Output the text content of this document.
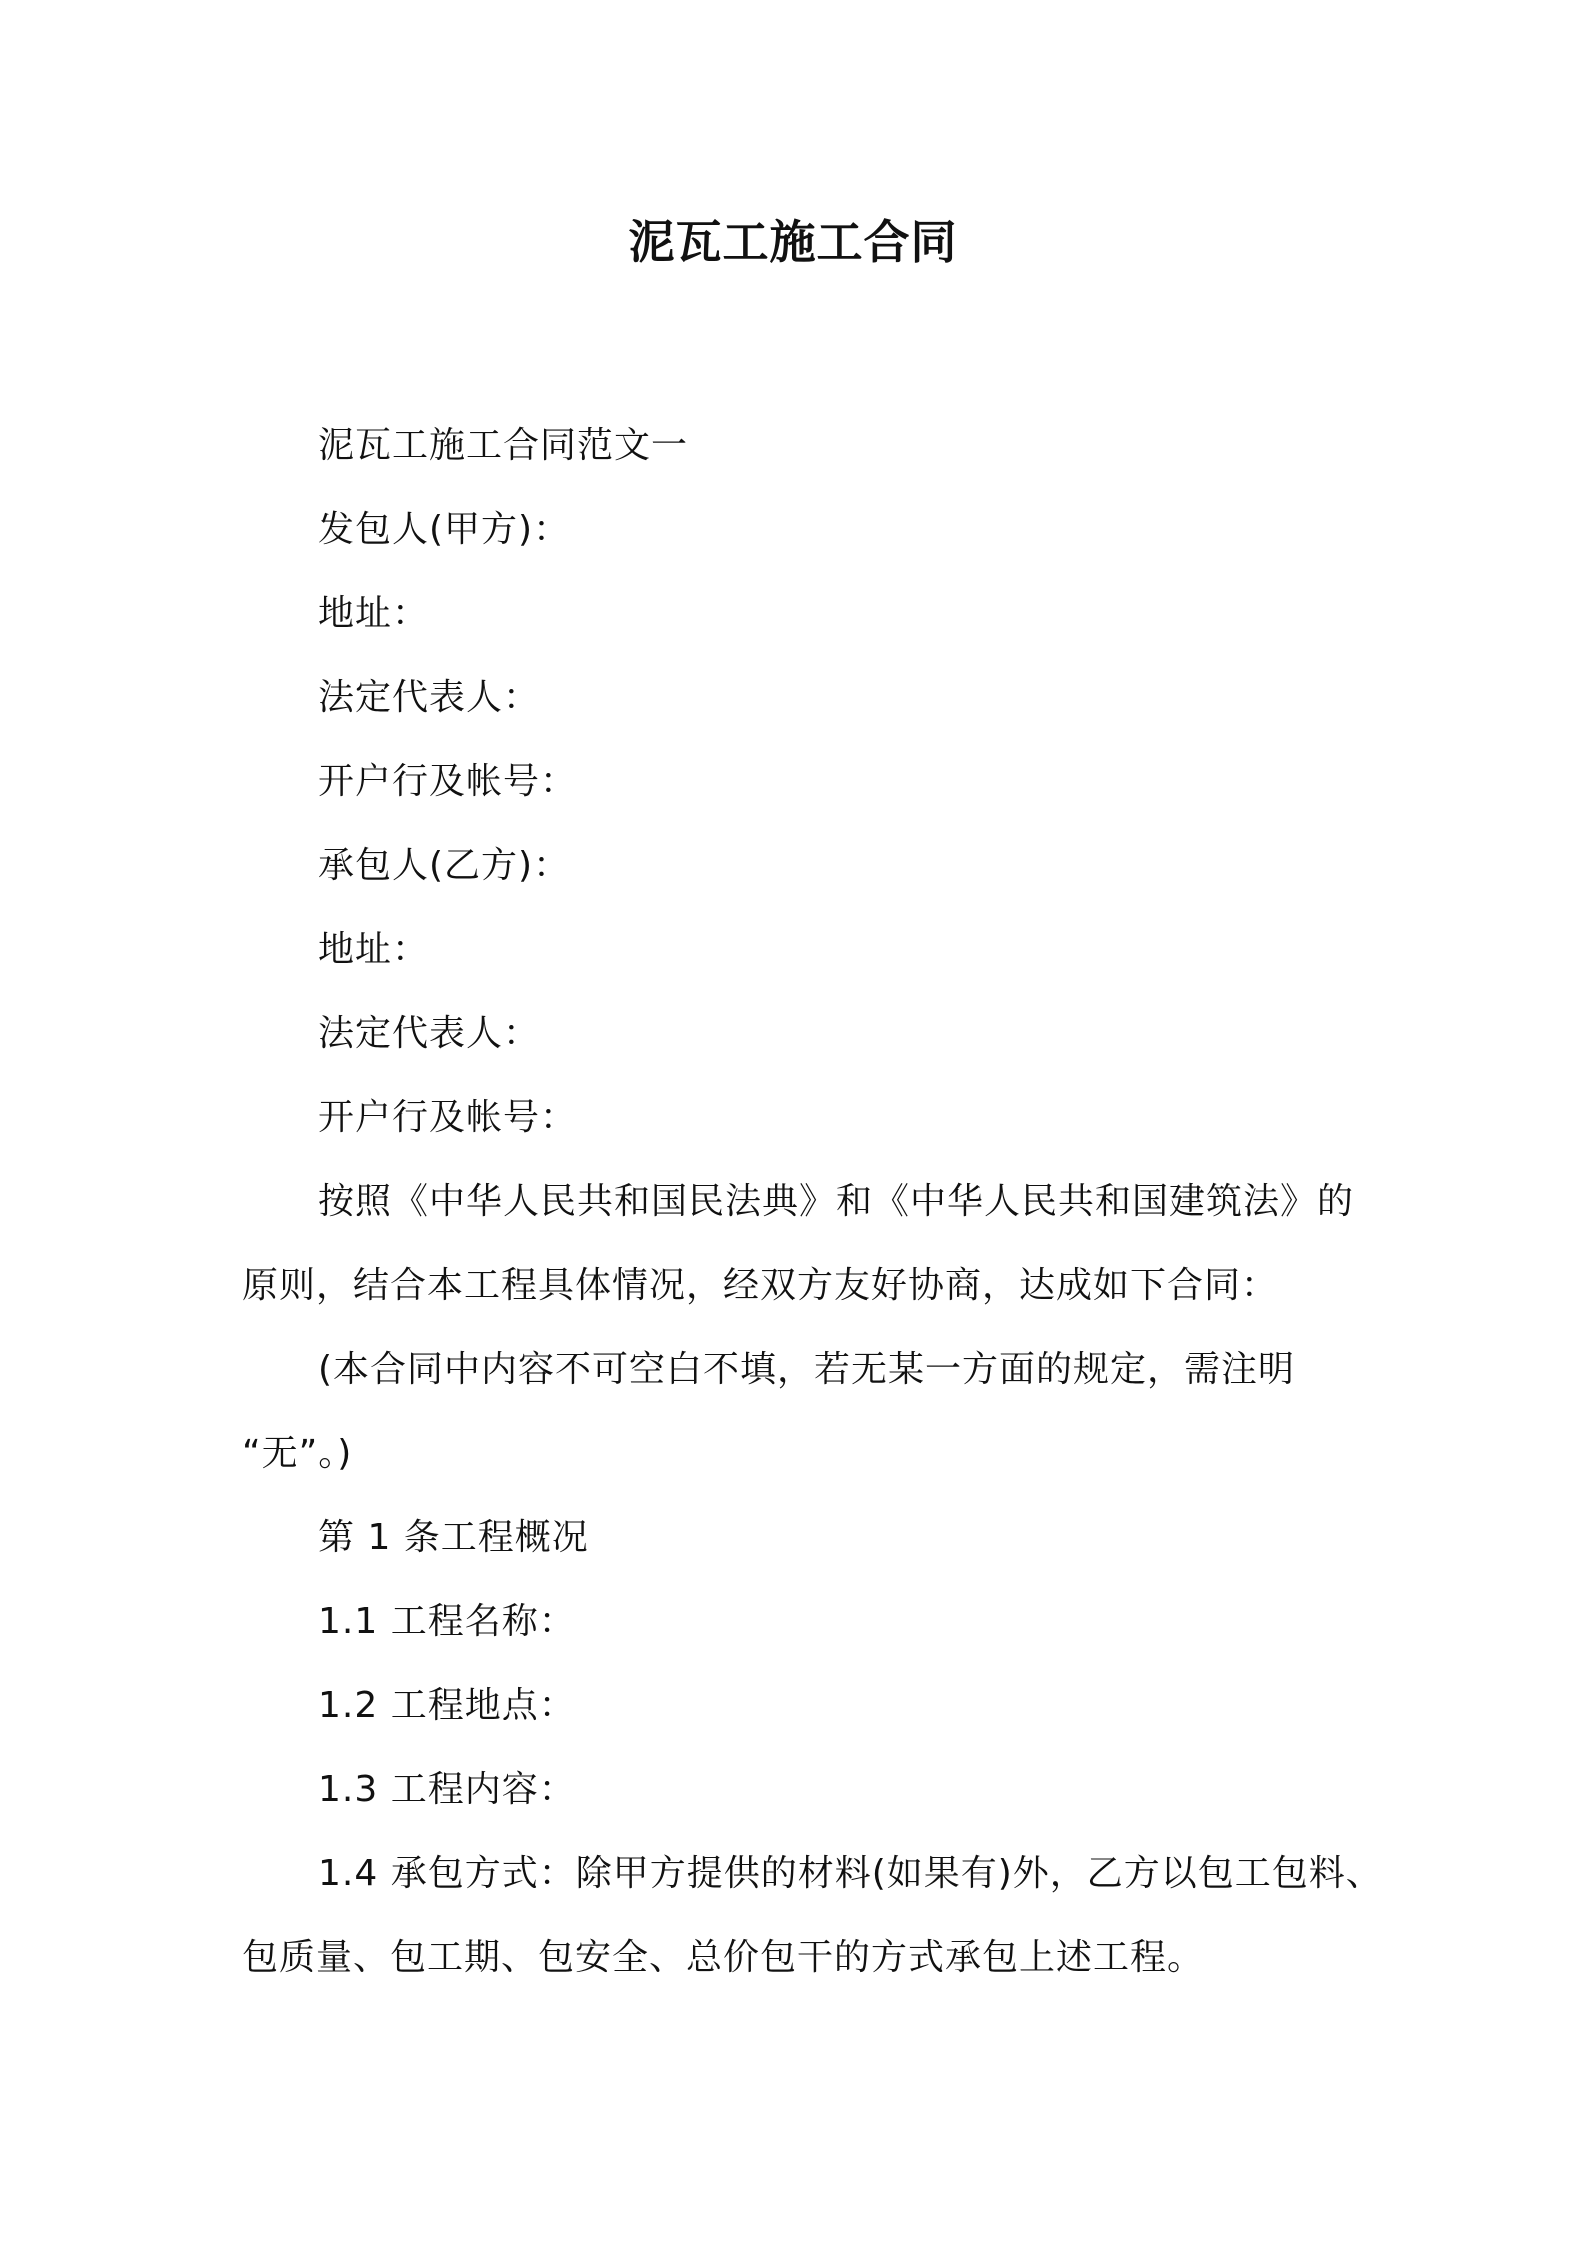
泥瓦工施工合同
泥瓦工施工合同范文一
发包人(甲方)：
地址：
法定代表人：
开户行及帐号：
承包人(乙方)：
地址：
法定代表人：
开户行及帐号：
按照《中华人民共和国民法典》和《中华人民共和国建筑法》的
原则，结合本工程具体情况，经双方友好协商，达成如下合同：
(本合同中内容不可空白不填，若无某一方面的规定，需注明
“无”。)
第 1 条工程概况
1.1 工程名称：
1.2 工程地点：
1.3 工程内容：
1.4 承包方式：除甲方提供的材料(如果有)外，乙方以包工包料、
包质量、包工期、包安全、总价包干的方式承包上述工程。
